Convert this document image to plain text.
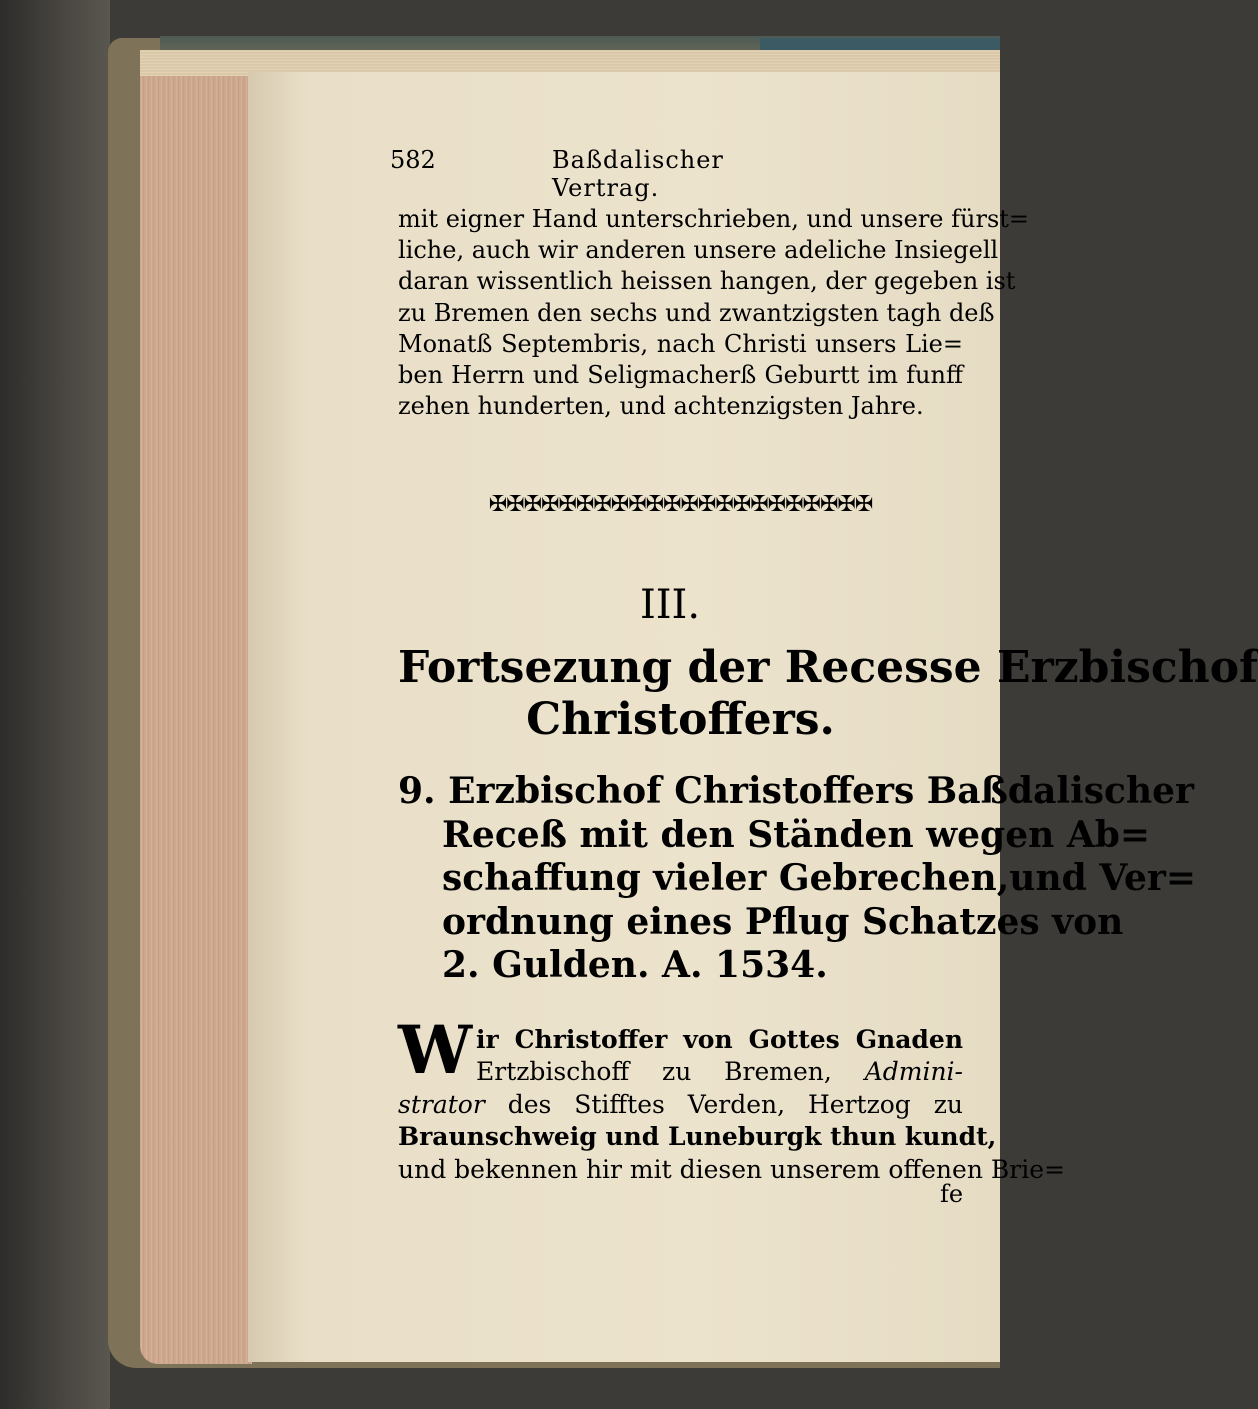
582	Baßdalischer Vertrag.
mit eigner Hand unterschrieben, und unsere fürst=
liche, auch wir anderen unsere adeliche Insiegell
daran wissentlich heissen hangen, der gegeben ist
zu Bremen den sechs und zwantzigsten tagh deß
Monatß Septembris, nach Christi unsers Lie=
ben Herrn und Seligmacherß Geburtt im funff
zehen hunderten, und achtenzigsten Jahre.
✠✠✠✠✠✠✠✠✠✠✠✠✠✠✠✠✠✠✠✠✠✠
III.
Fortsezung der Recesse Erzbischof
Christoffers.
9. Erzbischof Christoffers Baßdalischer
Receß mit den Ständen wegen Ab=
schaffung vieler Gebrechen,und Ver=
ordnung eines Pflug Schatzes von
2. Gulden. A. 1534.
W ir Christoffer von Gottes Gnaden
Ertzbischoff zu Bremen, Admini-
strator des Stifftes Verden, Hertzog zu
Braunschweig und Luneburgk thun kundt,
und bekennen hir mit diesen unserem offenen Brie=
fe
